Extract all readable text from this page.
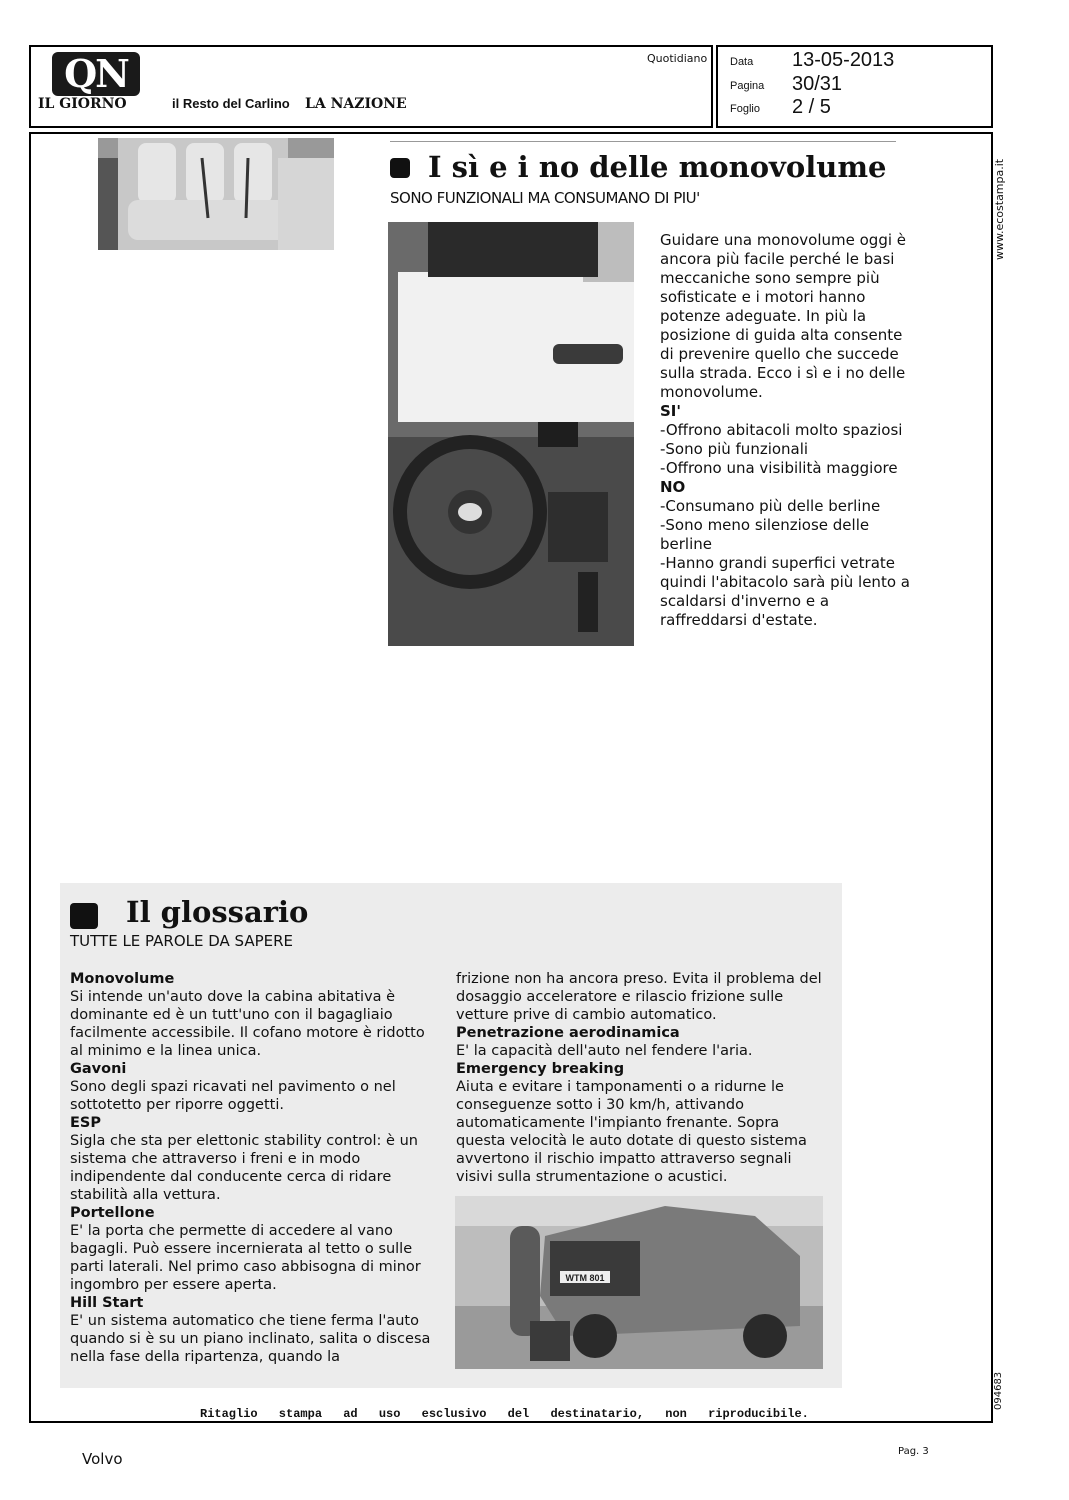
QN
IL GIORNO	il Resto del Carlino LA NAZIONE
Quotidiano Data 13-05-2013
Pagina 30/31
Foglio 2 / 5
www.ecostampa.it
094683
I sì e i no delle monovolume
SONO FUNZIONALI MA CONSUMANO DI PIU'

Guidare una monovolume oggi è ancora più facile perché le basi meccaniche sono sempre più sofisticate e i motori hanno potenze adeguate. In più la posizione di guida alta consente di prevenire quello che succede sulla strada. Ecco i sì e i no delle monovolume.

SI'

-Offrono abitacoli molto spaziosi

-Sono più funzionali

-Offrono una visibilità maggiore

NO

-Consumano più delle berline

-Sono meno silenziose delle berline

-Hanno grandi superfici vetrate quindi l'abitacolo sarà più lento a scaldarsi d'inverno e a raffreddarsi d'estate.

Il glossario
TUTTE LE PAROLE DA SAPERE

Monovolume

Si intende un'auto dove la cabina abitativa è dominante ed è un tutt'uno con il bagagliaio facilmente accessibile. Il cofano motore è ridotto al minimo e la linea unica.

Gavoni

Sono degli spazi ricavati nel pavimento o nel sottotetto per riporre oggetti.

ESP

Sigla che sta per elettonic stability control: è un sistema che attraverso i freni e in modo indipendente dal conducente cerca di ridare stabilità alla vettura.

Portellone

E' la porta che permette di accedere al vano bagagli. Può essere incernierata al tetto o sulle parti laterali. Nel primo caso abbisogna di minor ingombro per essere aperta.

Hill Start

E' un sistema automatico che tiene ferma l'auto quando si è su un piano inclinato, salita o discesa nella fase della ripartenza, quando la

frizione non ha ancora preso. Evita il problema del dosaggio acceleratore e rilascio frizione sulle vetture prive di cambio automatico.

Penetrazione aerodinamica

E' la capacità dell'auto nel fendere l'aria.

Emergency breaking

Aiuta e evitare i tamponamenti o a ridurne le conseguenze sotto i 30 km/h, attivando automaticamente l'impianto frenante. Sopra questa velocità le auto dotate di questo sistema avvertono il rischio impatto attraverso segnali visivi sulla strumentazione o acustici.

WTM 801
Ritaglio stampa ad uso esclusivo del destinatario, non riproducibile.
Volvo	Pag. 3
